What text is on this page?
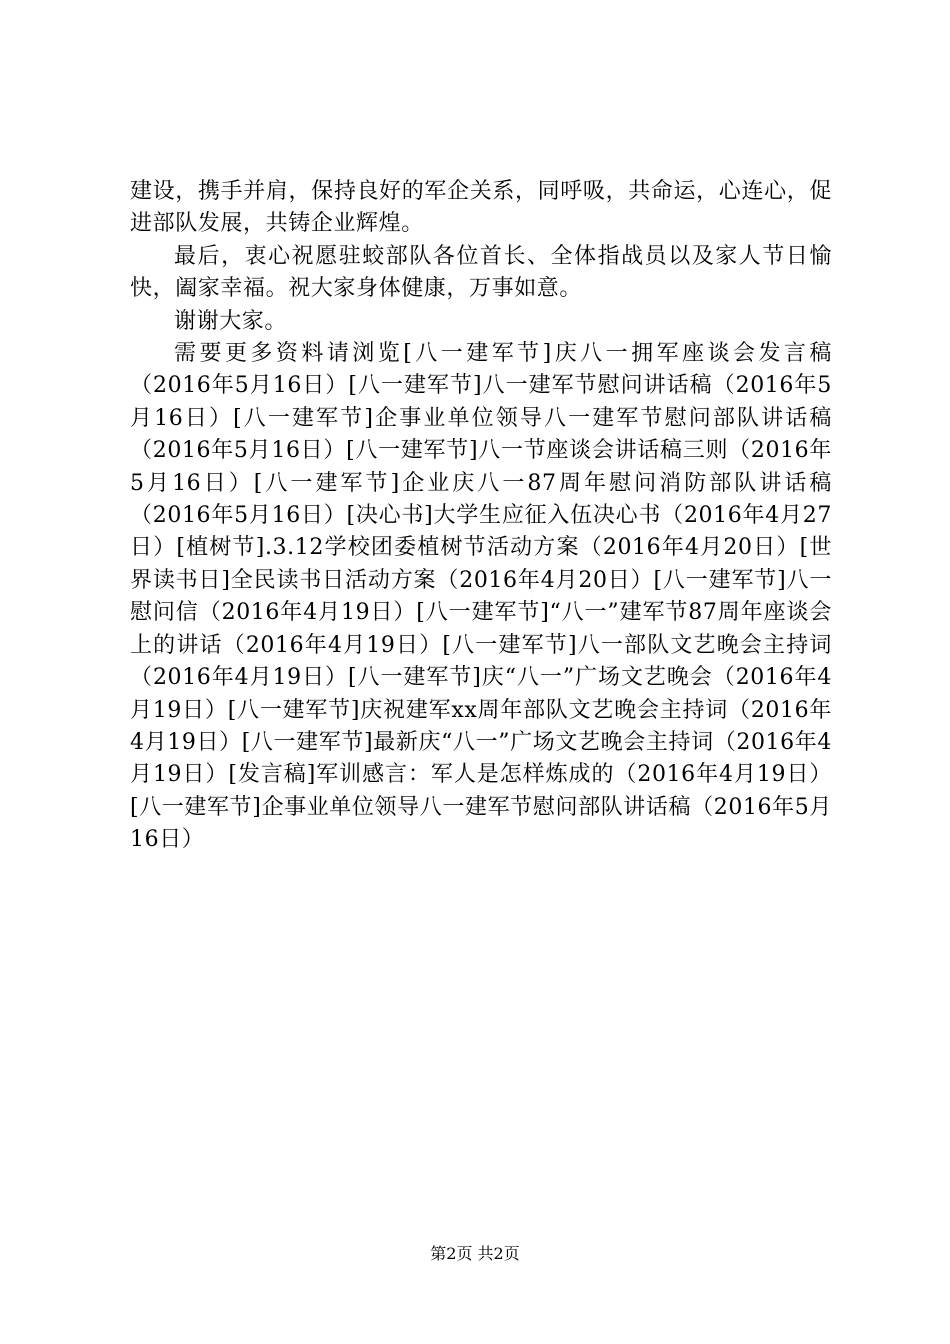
建设，携手并肩，保持良好的军企关系，同呼吸，共命运，心连心，促进部队发展，共铸企业辉煌。

最后，衷心祝愿驻蛟部队各位首长、全体指战员以及家人节日愉快，阖家幸福。祝大家身体健康，万事如意。

谢谢大家。

需要更多资料请浏览[八一建军节]庆八一拥军座谈会发言稿（2016年5月16日）[八一建军节]八一建军节慰问讲话稿（2016年5月16日）[八一建军节]企事业单位领导八一建军节慰问部队讲话稿（2016年5月16日）[八一建军节]八一节座谈会讲话稿三则（2016年5月16日）[八一建军节]企业庆八一87周年慰问消防部队讲话稿（2016年5月16日）[决心书]大学生应征入伍决心书（2016年4月27日）[植树节].3.12学校团委植树节活动方案（2016年4月20日）[世界读书日]全民读书日活动方案（2016年4月20日）[八一建军节]八一慰问信（2016年4月19日）[八一建军节]“八一”建军节87周年座谈会上的讲话（2016年4月19日）[八一建军节]八一部队文艺晚会主持词（2016年4月19日）[八一建军节]庆“八一”广场文艺晚会（2016年4月19日）[八一建军节]庆祝建军xx周年部队文艺晚会主持词（2016年4月19日）[八一建军节]最新庆“八一”广场文艺晚会主持词（2016年4月19日）[发言稿]军训感言：军人是怎样炼成的（2016年4月19日）[八一建军节]企事业单位领导八一建军节慰问部队讲话稿（2016年5月16日）

第2页 共2页
